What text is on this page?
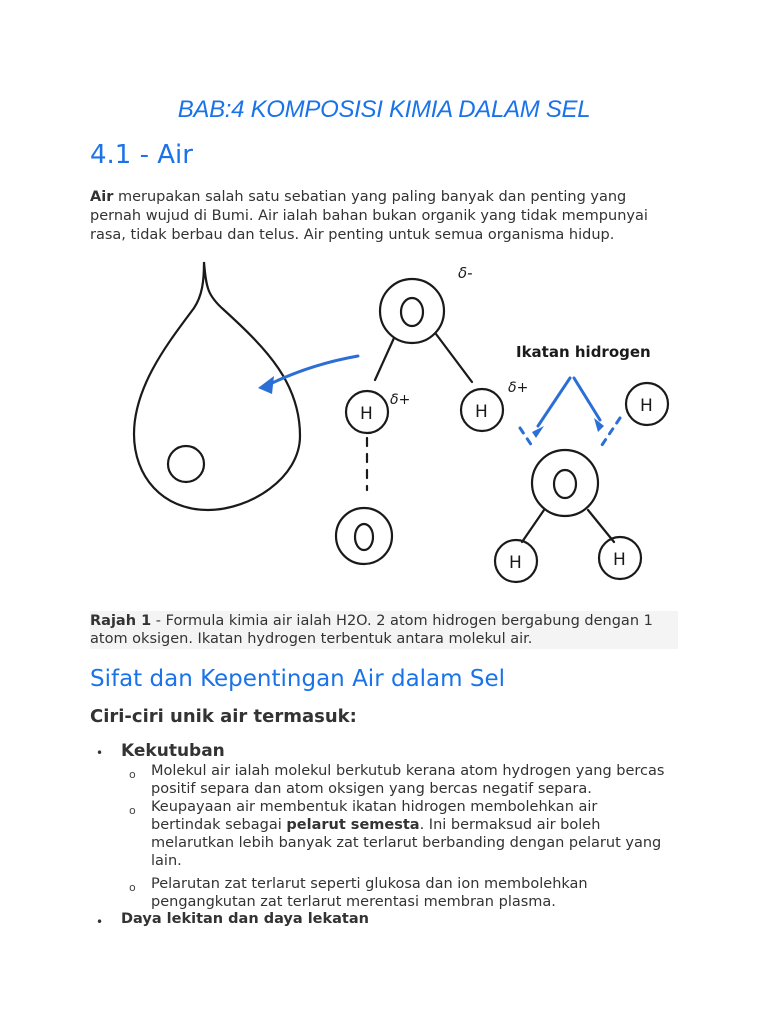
BAB:4 KOMPOSISI KIMIA DALAM SEL
4.1 - Air

Air merupakan salah satu sebatian yang paling banyak dan penting yang pernah wujud di Bumi. Air ialah bahan bukan organik yang tidak mempunyai rasa, tidak berbau dan telus. Air penting untuk semua organisma hidup.

δ-
δ+
δ+
H	H
H	H
H
Ikatan hidrogen

Rajah 1 - Formula kimia air ialah H2O. 2 atom hidrogen bergabung dengan 1 atom oksigen. Ikatan hydrogen terbentuk antara molekul air.

Sifat dan Kepentingan Air dalam Sel
Ciri-ciri unik air termasuk:
• Kekutuban
o Molekul air ialah molekul berkutub kerana atom hydrogen yang bercas positif separa dan atom oksigen yang bercas negatif separa.

o Keupayaan air membentuk ikatan hidrogen membolehkan air bertindak sebagai pelarut semesta. Ini bermaksud air boleh melarutkan lebih banyak zat terlarut berbanding dengan pelarut yang lain.

o Pelarutan zat terlarut seperti glukosa dan ion membolehkan pengangkutan zat terlarut merentasi membran plasma.

• Daya lekitan dan daya lekatan
